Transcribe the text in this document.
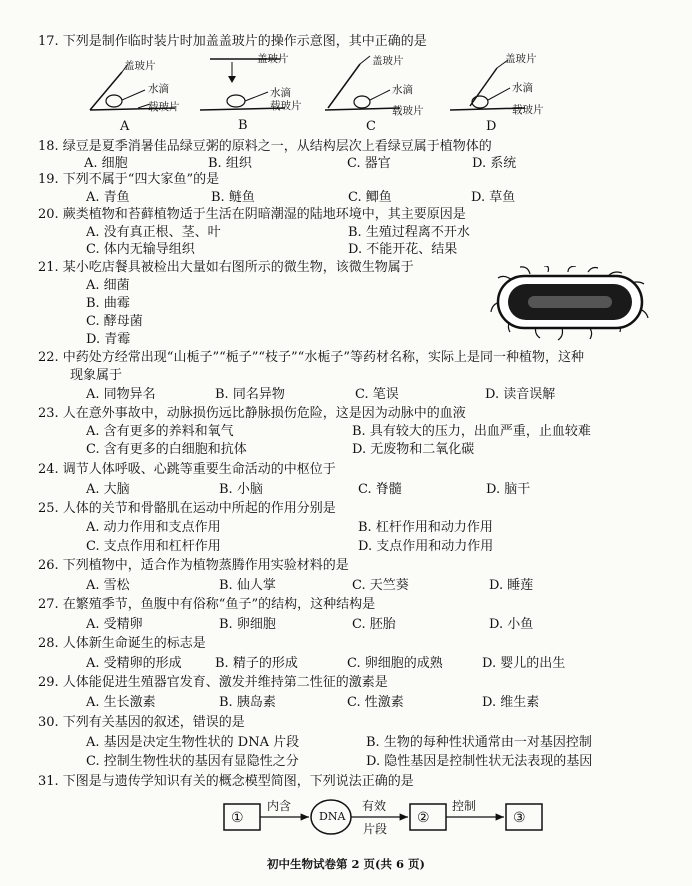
17. 下列是制作临时装片时加盖盖玻片的操作示意图，其中正确的是
盖玻片
水滴
载玻片
盖玻片
水滴
载玻片
盖玻片
水滴
载玻片
盖玻片
水滴
载玻片
A	B	C	D
18. 绿豆是夏季消暑佳品绿豆粥的原料之一，从结构层次上看绿豆属于植物体的
A. 细胞	B. 组织	C. 器官	D. 系统
19. 下列不属于“四大家鱼”的是
A. 青鱼	B. 鲢鱼	C. 鲫鱼	D. 草鱼
20. 蕨类植物和苔藓植物适于生活在阴暗潮湿的陆地环境中，其主要原因是
A. 没有真正根、茎、叶	B. 生殖过程离不开水
C. 体内无输导组织	D. 不能开花、结果
21. 某小吃店餐具被检出大量如右图所示的微生物，该微生物属于
A. 细菌
B. 曲霉
C. 酵母菌
D. 青霉
22. 中药处方经常出现“山栀子”“栀子”“枝子”“水栀子”等药材名称，实际上是同一种植物，这种
现象属于
A. 同物异名	B. 同名异物	C. 笔误	D. 读音误解
23. 人在意外事故中，动脉损伤远比静脉损伤危险，这是因为动脉中的血液
A. 含有更多的养料和氧气	B. 具有较大的压力，出血严重，止血较难
C. 含有更多的白细胞和抗体	D. 无废物和二氧化碳
24. 调节人体呼吸、心跳等重要生命活动的中枢位于
A. 大脑	B. 小脑	C. 脊髓	D. 脑干
25. 人体的关节和骨骼肌在运动中所起的作用分别是
A. 动力作用和支点作用	B. 杠杆作用和动力作用
C. 支点作用和杠杆作用	D. 支点作用和动力作用
26. 下列植物中，适合作为植物蒸腾作用实验材料的是
A. 雪松	B. 仙人掌	C. 天竺葵	D. 睡莲
27. 在繁殖季节，鱼腹中有俗称“鱼子”的结构，这种结构是
A. 受精卵	B. 卵细胞	C. 胚胎	D. 小鱼
28. 人体新生命诞生的标志是
A. 受精卵的形成	B. 精子的形成	C. 卵细胞的成熟	D. 婴儿的出生
29. 人体能促进生殖器官发育、激发并维持第二性征的激素是
A. 生长激素	B. 胰岛素	C. 性激素	D. 维生素
30. 下列有关基因的叙述，错误的是
A. 基因是决定生物性状的 DNA 片段	B. 生物的每种性状通常由一对基因控制
C. 控制生物性状的基因有显隐性之分	D. 隐性基因是控制性状无法表现的基因
31. 下图是与遗传学知识有关的概念模型简图，下列说法正确的是
①
内含
DNA
有效
片段
②
控制
③
初中生物试卷第 2 页(共 6 页)
